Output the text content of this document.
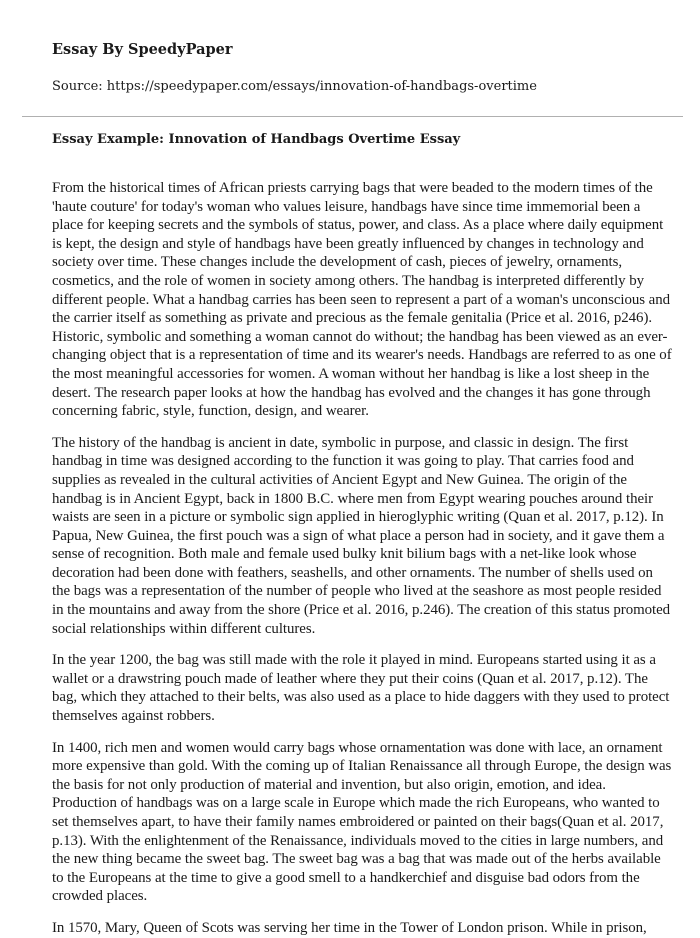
Essay By SpeedyPaper

Source: https://speedypaper.com/essays/innovation-of-handbags-overtime

Essay Example: Innovation of Handbags Overtime Essay

From the historical times of African priests carrying bags that were beaded to the modern times of the 'haute couture' for today's woman who values leisure, handbags have since time immemorial been a place for keeping secrets and the symbols of status, power, and class. As a place where daily equipment is kept, the design and style of handbags have been greatly influenced by changes in technology and society over time. These changes include the development of cash, pieces of jewelry, ornaments, cosmetics, and the role of women in society among others. The handbag is interpreted differently by different people. What a handbag carries has been seen to represent a part of a woman's unconscious and the carrier itself as something as private and precious as the female genitalia (Price et al. 2016, p246). Historic, symbolic and something a woman cannot do without; the handbag has been viewed as an ever-changing object that is a representation of time and its wearer's needs. Handbags are referred to as one of the most meaningful accessories for women. A woman without her handbag is like a lost sheep in the desert. The research paper looks at how the handbag has evolved and the changes it has gone through concerning fabric, style, function, design, and wearer.

The history of the handbag is ancient in date, symbolic in purpose, and classic in design. The first handbag in time was designed according to the function it was going to play. That carries food and supplies as revealed in the cultural activities of Ancient Egypt and New Guinea. The origin of the handbag is in Ancient Egypt, back in 1800 B.C. where men from Egypt wearing pouches around their waists are seen in a picture or symbolic sign applied in hieroglyphic writing (Quan et al. 2017, p.12). In Papua, New Guinea, the first pouch was a sign of what place a person had in society, and it gave them a sense of recognition. Both male and female used bulky knit bilium bags with a net-like look whose decoration had been done with feathers, seashells, and other ornaments. The number of shells used on the bags was a representation of the number of people who lived at the seashore as most people resided in the mountains and away from the shore (Price et al. 2016, p.246). The creation of this status promoted social relationships within different cultures.

In the year 1200, the bag was still made with the role it played in mind. Europeans started using it as a wallet or a drawstring pouch made of leather where they put their coins (Quan et al. 2017, p.12). The bag, which they attached to their belts, was also used as a place to hide daggers with they used to protect themselves against robbers.

In 1400, rich men and women would carry bags whose ornamentation was done with lace, an ornament more expensive than gold. With the coming up of Italian Renaissance all through Europe, the design was the basis for not only production of material and invention, but also origin, emotion, and idea. Production of handbags was on a large scale in Europe which made the rich Europeans, who wanted to set themselves apart, to have their family names embroidered or painted on their bags(Quan et al. 2017, p.13). With the enlightenment of the Renaissance, individuals moved to the cities in large numbers, and the new thing became the sweet bag. The sweet bag was a bag that was made out of the herbs available to the Europeans at the time to give a good smell to a handkerchief and disguise bad odors from the crowded places.

In 1570, Mary, Queen of Scots was serving her time in the Tower of London prison. While in prison,
